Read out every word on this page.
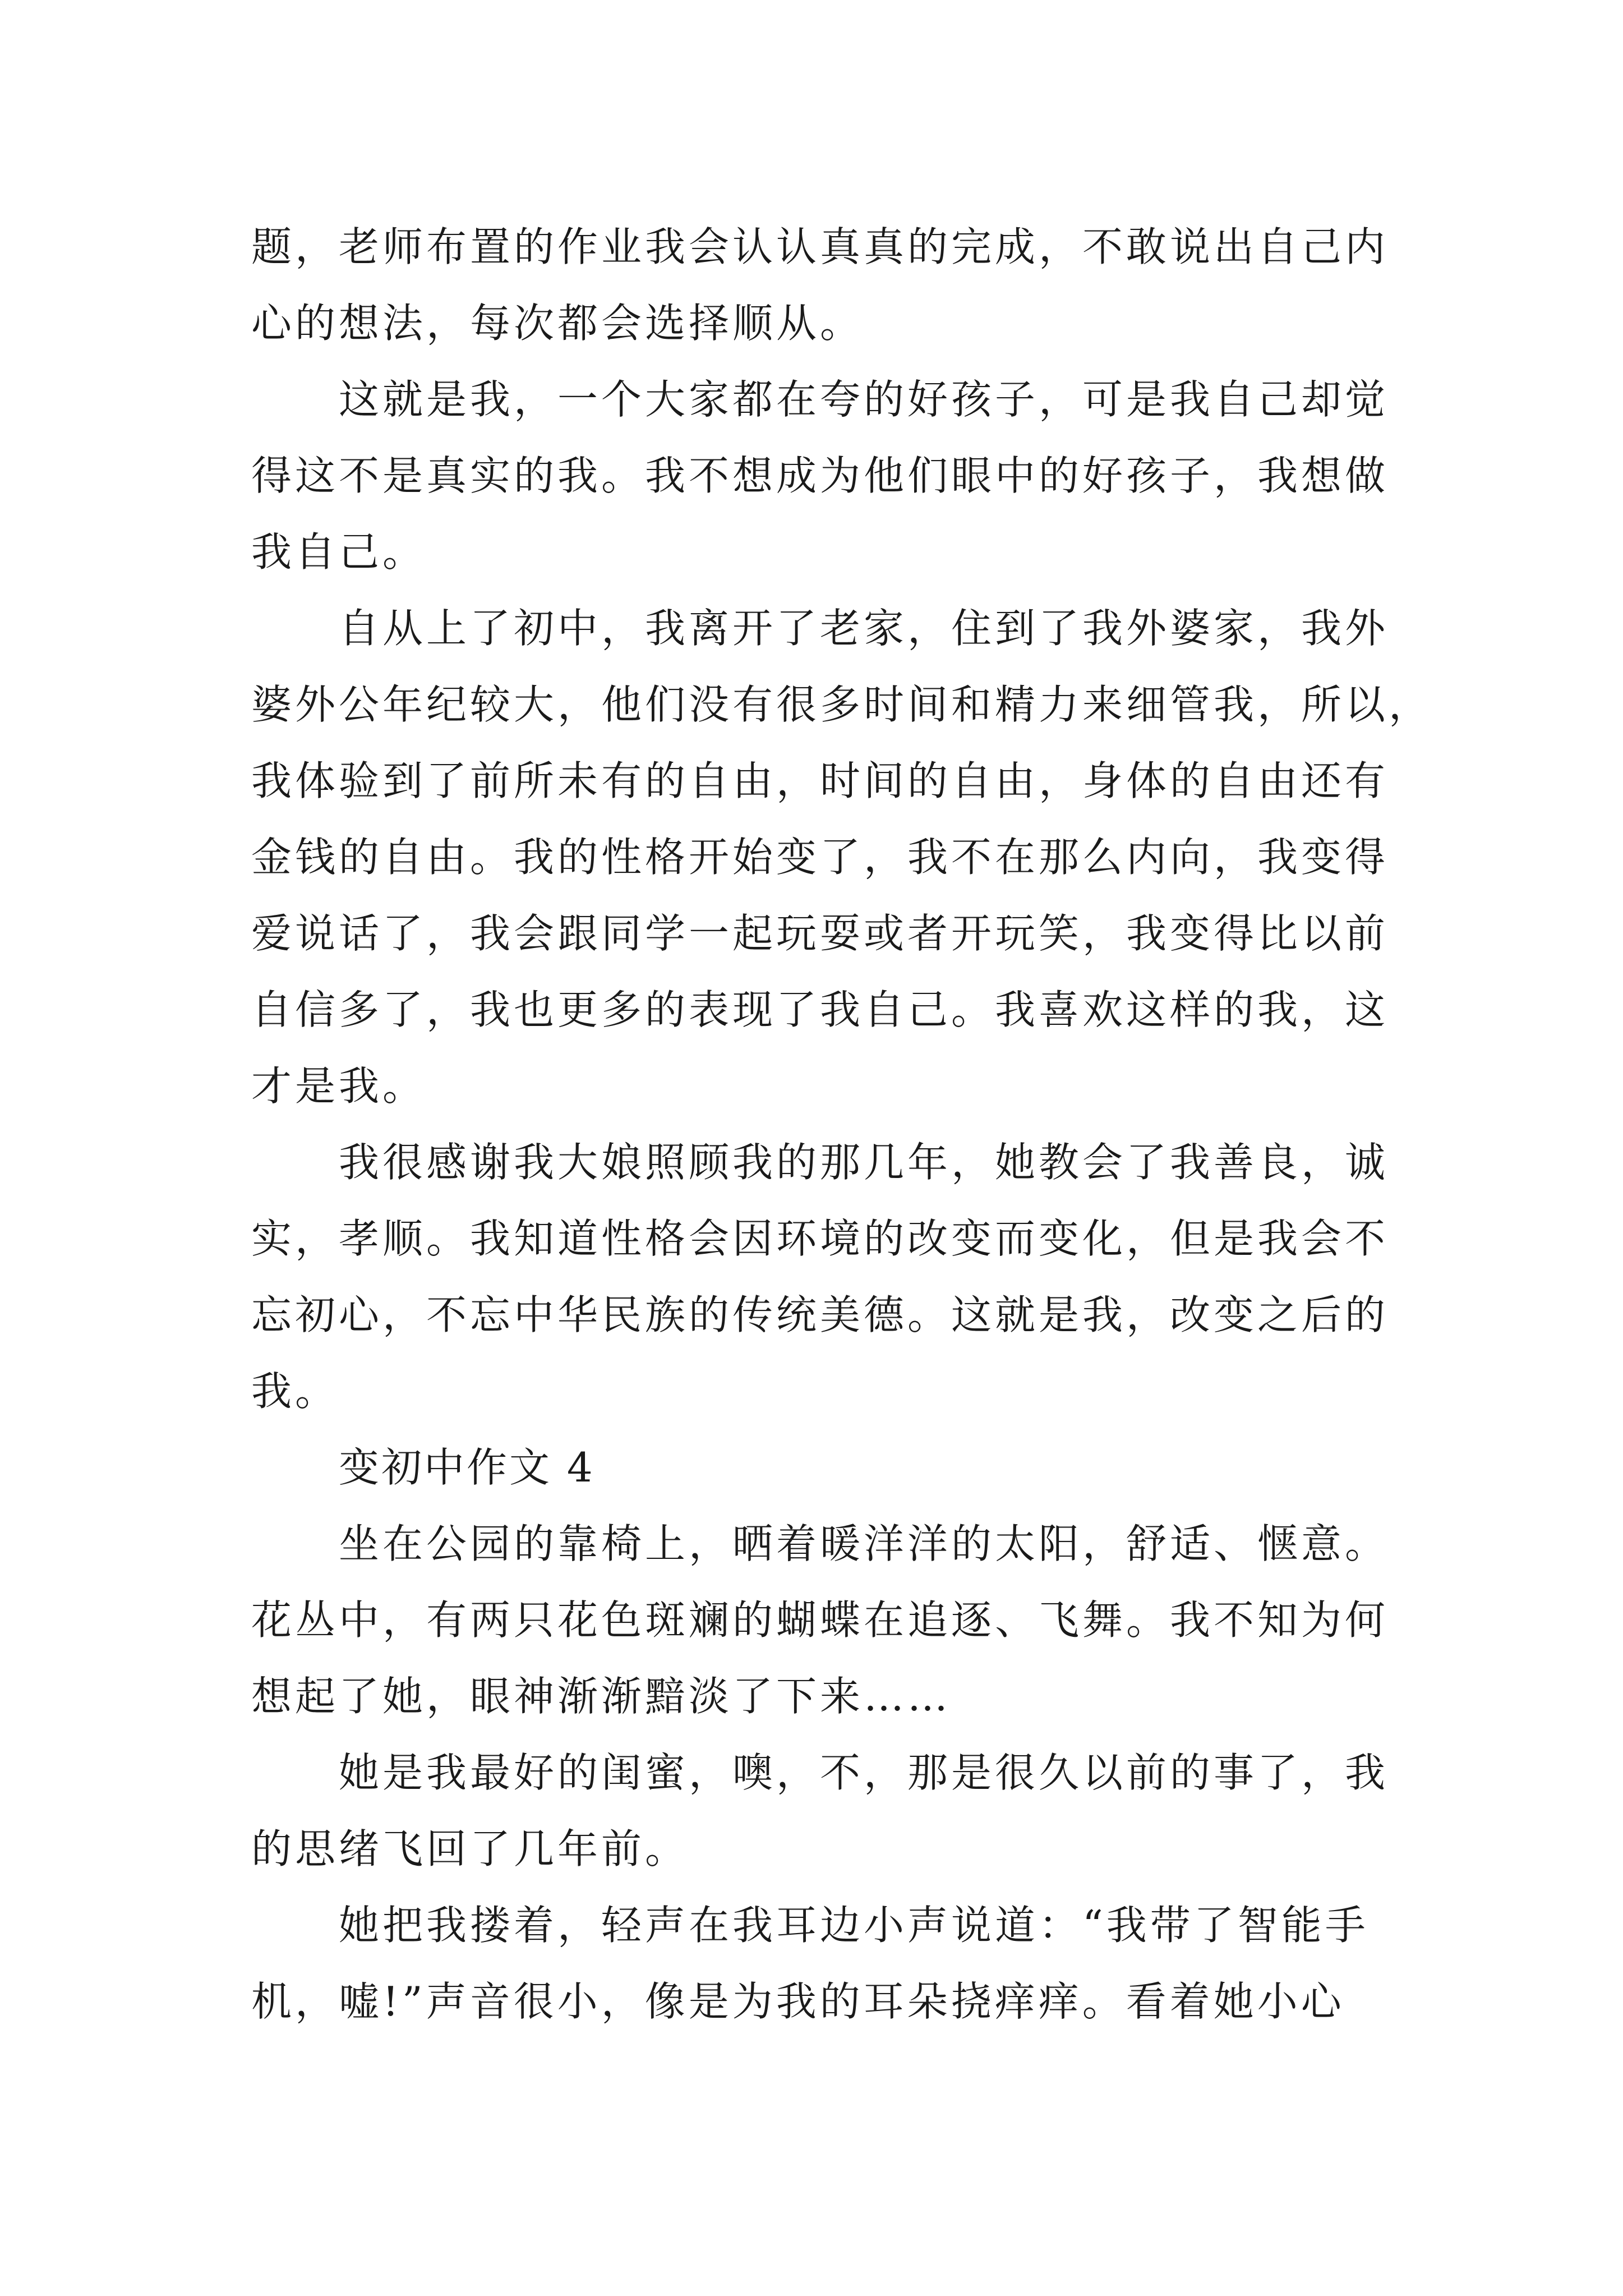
题，老师布置的作业我会认认真真的完成，不敢说出自己内
心的想法，每次都会选择顺从。
这就是我，一个大家都在夸的好孩子，可是我自己却觉
得这不是真实的我。我不想成为他们眼中的好孩子，我想做
我自己。
自从上了初中，我离开了老家，住到了我外婆家，我外
婆外公年纪较大，他们没有很多时间和精力来细管我，所以，
我体验到了前所未有的自由，时间的自由，身体的自由还有
金钱的自由。我的性格开始变了，我不在那么内向，我变得
爱说话了，我会跟同学一起玩耍或者开玩笑，我变得比以前
自信多了，我也更多的表现了我自己。我喜欢这样的我，这
才是我。
我很感谢我大娘照顾我的那几年，她教会了我善良，诚
实，孝顺。我知道性格会因环境的改变而变化，但是我会不
忘初心，不忘中华民族的传统美德。这就是我，改变之后的
我。
变初中作文 4
坐在公园的靠椅上，晒着暖洋洋的太阳，舒适、惬意。
花丛中，有两只花色斑斓的蝴蝶在追逐、飞舞。我不知为何
想起了她，眼神渐渐黯淡了下来……
她是我最好的闺蜜，噢，不，那是很久以前的事了，我
的思绪飞回了几年前。
她把我搂着，轻声在我耳边小声说道：“我带了智能手
机，嘘!”声音很小，像是为我的耳朵挠痒痒。看着她小心
